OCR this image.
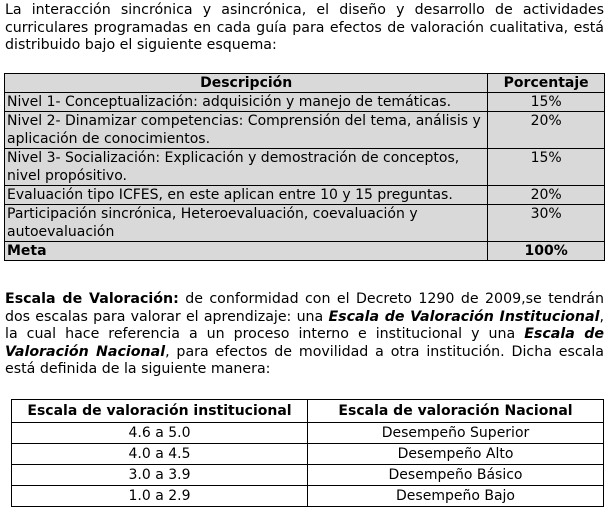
La interacción sincrónica y asincrónica, el diseño y desarrollo de actividades curriculares programadas en cada guía para efectos de valoración cualitativa, está distribuido bajo el siguiente esquema:
Descripción	Porcentaje
Nivel 1- Conceptualización: adquisición y manejo de temáticas.	15%
Nivel 2- Dinamizar competencias: Comprensión del tema, análisis y aplicación de conocimientos.	20%
Nivel 3- Socialización: Explicación y demostración de conceptos, nivel propósitivo.	15%
Evaluación tipo ICFES, en este aplican entre 10 y 15 preguntas.	20%
Participación sincrónica, Heteroevaluación, coevaluación y autoevaluación	30%
Meta	100%
Escala de Valoración: de conformidad con el Decreto 1290 de 2009,se tendrán dos escalas para valorar el aprendizaje: una Escala de Valoración Institucional, la cual hace referencia a un proceso interno e institucional y una Escala de Valoración Nacional, para efectos de movilidad a otra institución. Dicha escala está definida de la siguiente manera:
Escala de valoración institucional	Escala de valoración Nacional
4.6 a 5.0	Desempeño Superior
4.0 a 4.5	Desempeño Alto
3.0 a 3.9	Desempeño Básico
1.0 a 2.9	Desempeño Bajo
